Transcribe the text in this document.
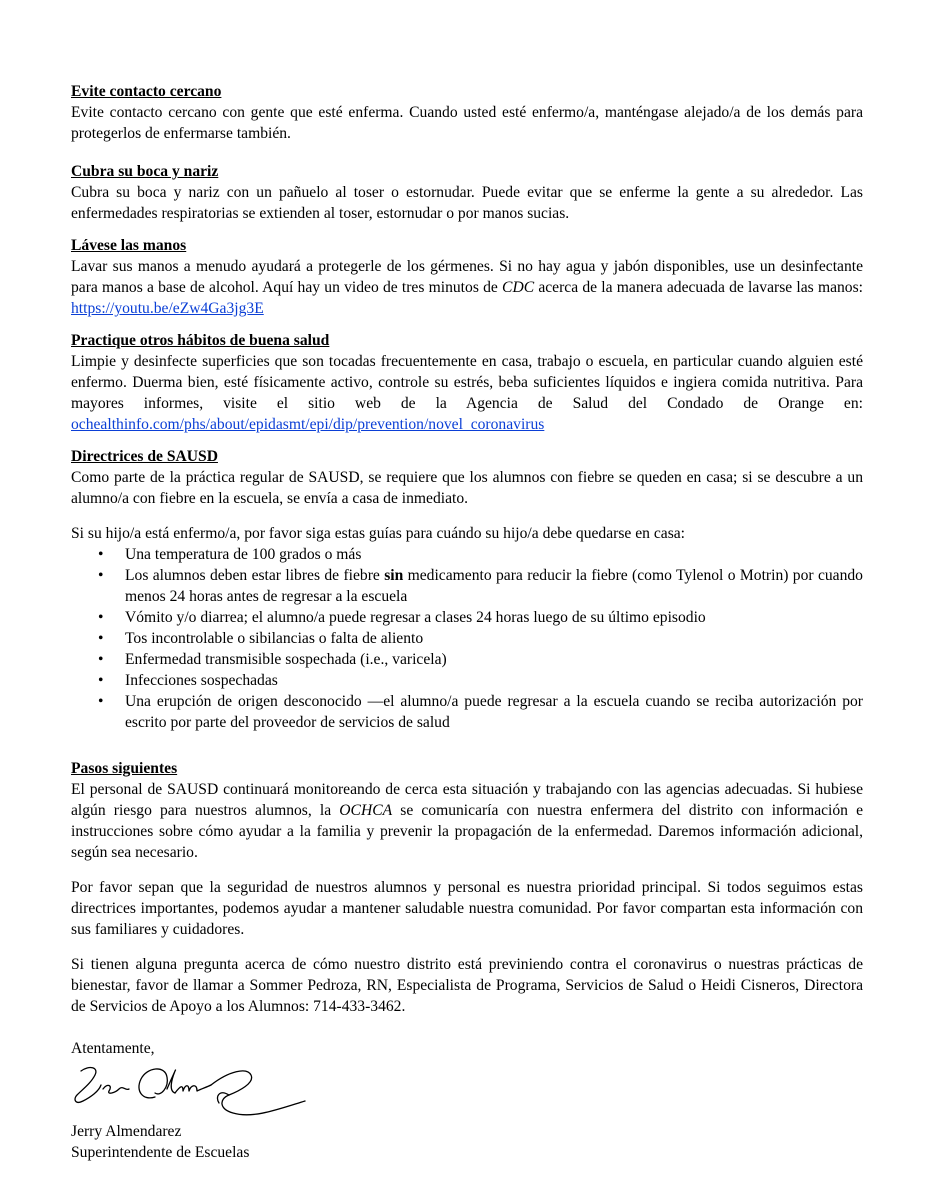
Evite contacto cercano

Evite contacto cercano con gente que esté enferma. Cuando usted esté enfermo/a, manténgase alejado/a de los demás para protegerlos de enfermarse también.

Cubra su boca y nariz

Cubra su boca y nariz con un pañuelo al toser o estornudar. Puede evitar que se enferme la gente a su alrededor. Las enfermedades respiratorias se extienden al toser, estornudar o por manos sucias.

Lávese las manos

Lavar sus manos a menudo ayudará a protegerle de los gérmenes. Si no hay agua y jabón disponibles, use un desinfectante para manos a base de alcohol. Aquí hay un video de tres minutos de CDC acerca de la manera adecuada de lavarse las manos: https://youtu.be/eZw4Ga3jg3E

Practique otros hábitos de buena salud

Limpie y desinfecte superficies que son tocadas frecuentemente en casa, trabajo o escuela, en particular cuando alguien esté enfermo. Duerma bien, esté físicamente activo, controle su estrés, beba suficientes líquidos e ingiera comida nutritiva. Para mayores informes, visite el sitio web de la Agencia de Salud del Condado de Orange en: ochealthinfo.com/phs/about/epidasmt/epi/dip/prevention/novel_coronavirus

Directrices de SAUSD

Como parte de la práctica regular de SAUSD, se requiere que los alumnos con fiebre se queden en casa; si se descubre a un alumno/a con fiebre en la escuela, se envía a casa de inmediato.

Si su hijo/a está enfermo/a, por favor siga estas guías para cuándo su hijo/a debe quedarse en casa:

• Una temperatura de 100 grados o más
• Los alumnos deben estar libres de fiebre sin medicamento para reducir la fiebre (como Tylenol o Motrin) por cuando menos 24 horas antes de regresar a la escuela
• Vómito y/o diarrea; el alumno/a puede regresar a clases 24 horas luego de su último episodio
• Tos incontrolable o sibilancias o falta de aliento
• Enfermedad transmisible sospechada (i.e., varicela)
• Infecciones sospechadas
• Una erupción de origen desconocido —el alumno/a puede regresar a la escuela cuando se reciba autorización por escrito por parte del proveedor de servicios de salud
Pasos siguientes

El personal de SAUSD continuará monitoreando de cerca esta situación y trabajando con las agencias adecuadas. Si hubiese algún riesgo para nuestros alumnos, la OCHCA se comunicaría con nuestra enfermera del distrito con información e instrucciones sobre cómo ayudar a la familia y prevenir la propagación de la enfermedad. Daremos información adicional, según sea necesario.

Por favor sepan que la seguridad de nuestros alumnos y personal es nuestra prioridad principal. Si todos seguimos estas directrices importantes, podemos ayudar a mantener saludable nuestra comunidad. Por favor compartan esta información con sus familiares y cuidadores.

Si tienen alguna pregunta acerca de cómo nuestro distrito está previniendo contra el coronavirus o nuestras prácticas de bienestar, favor de llamar a Sommer Pedroza, RN, Especialista de Programa, Servicios de Salud o Heidi Cisneros, Directora de Servicios de Apoyo a los Alumnos: 714-433-3462.

Atentamente,

Jerry Almendarez

Superintendente de Escuelas
